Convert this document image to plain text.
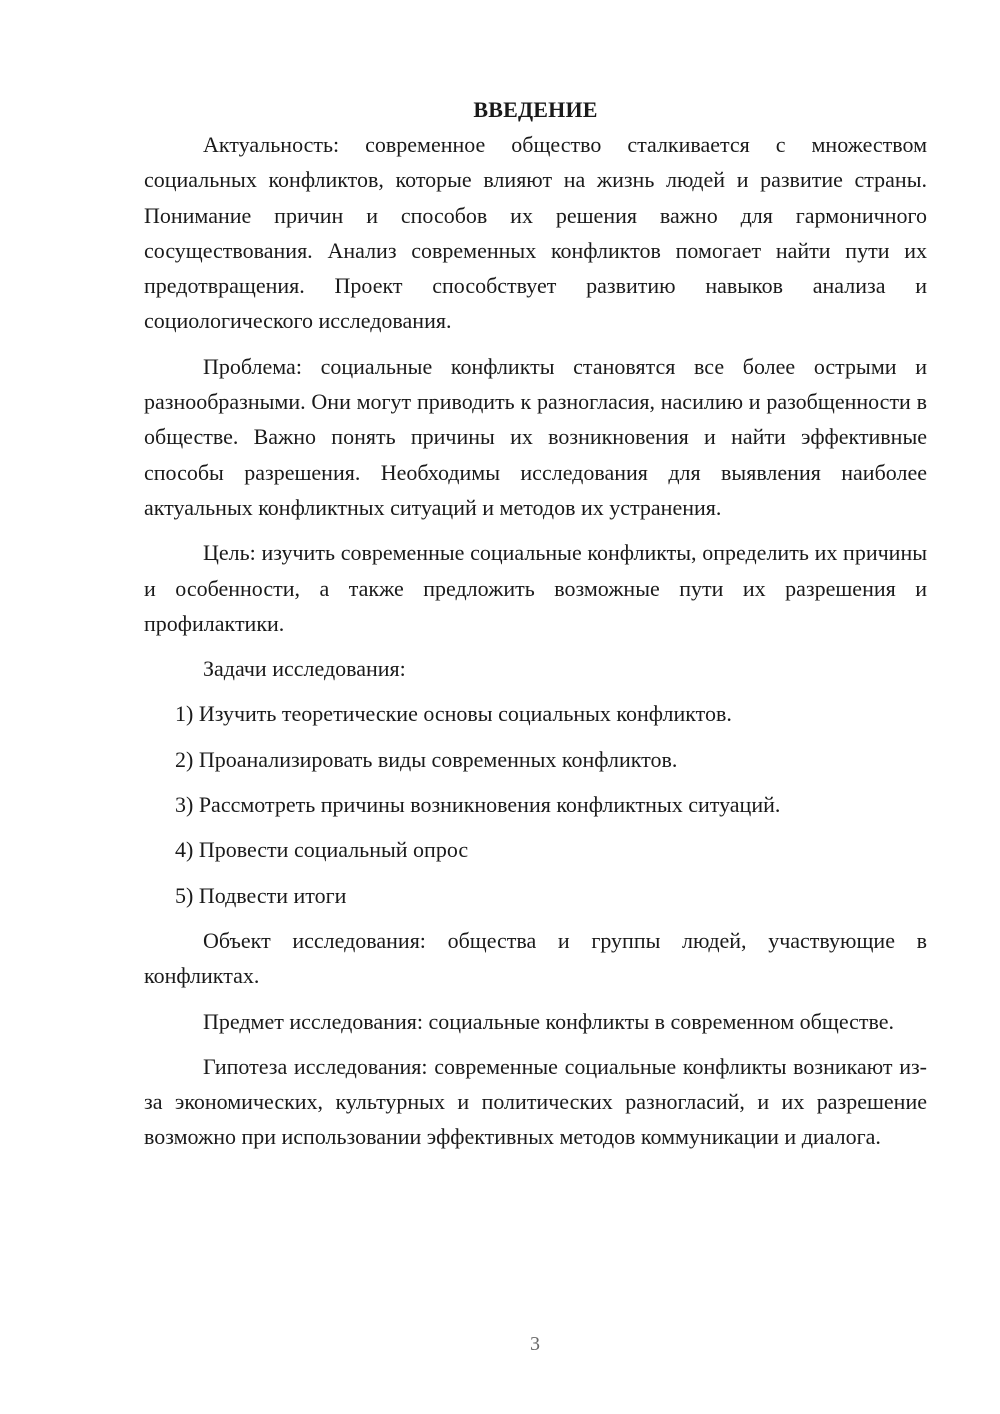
ВВЕДЕНИЕ

Актуальность: современное общество сталкивается с множеством социальных конфликтов, которые влияют на жизнь людей и развитие страны. Понимание причин и способов их решения важно для гармоничного сосуществования. Анализ современных конфликтов помогает найти пути их предотвращения. Проект способствует развитию навыков анализа и социологического исследования.

Проблема: социальные конфликты становятся все более острыми и разнообразными. Они могут приводить к разногласия, насилию и разобщенности в обществе. Важно понять причины их возникновения и найти эффективные способы разрешения. Необходимы исследования для выявления наиболее актуальных конфликтных ситуаций и методов их устранения.

Цель: изучить современные социальные конфликты, определить их причины и особенности, а также предложить возможные пути их разрешения и профилактики.

Задачи исследования:

1) Изучить теоретические основы социальных конфликтов.

2) Проанализировать виды современных конфликтов.

3) Рассмотреть причины возникновения конфликтных ситуаций.

4) Провести социальный опрос

5) Подвести итоги

Объект исследования: общества и группы людей, участвующие в конфликтах.

Предмет исследования: социальные конфликты в современном обществе.

Гипотеза исследования: современные социальные конфликты возникают из-за экономических, культурных и политических разногласий, и их разрешение возможно при использовании эффективных методов коммуникации и диалога.

3
